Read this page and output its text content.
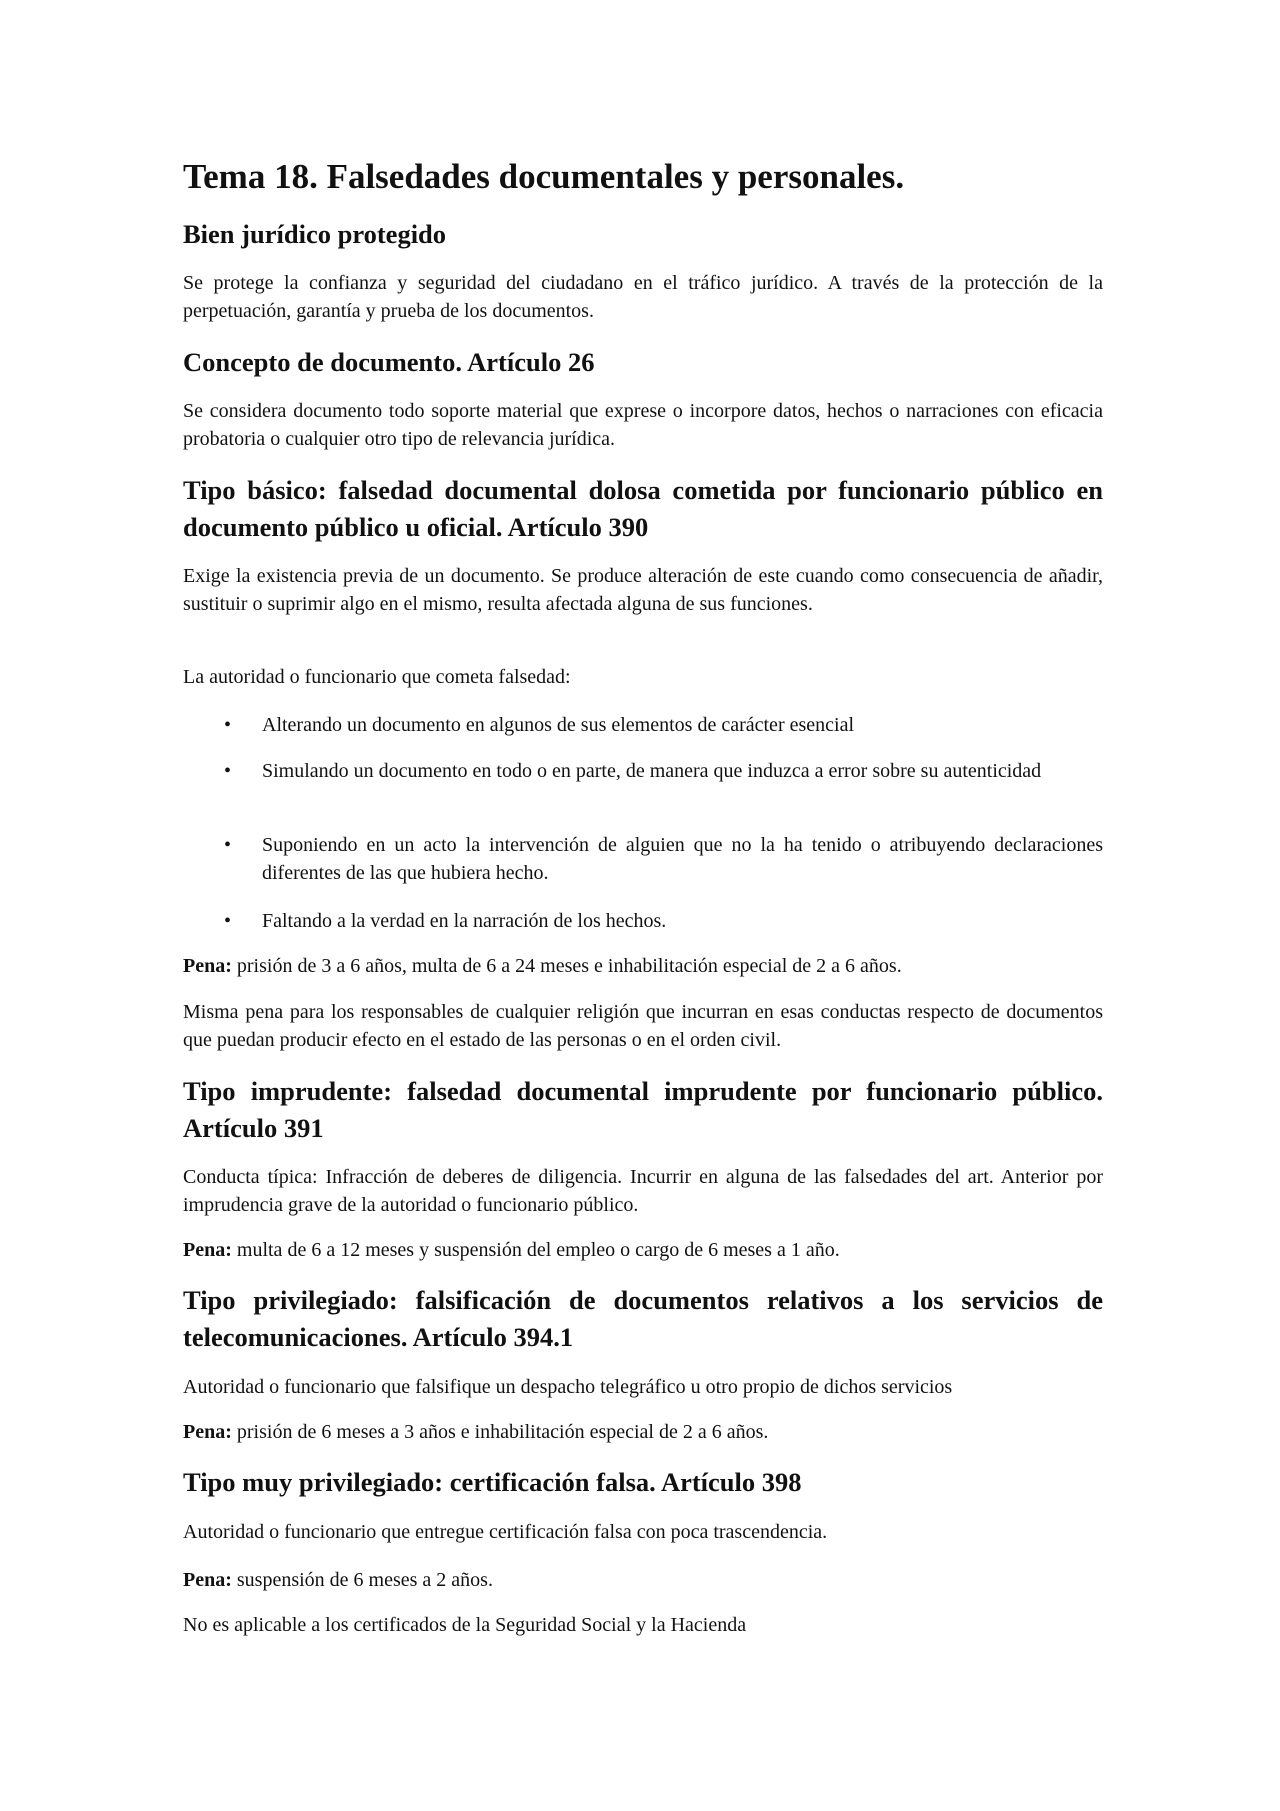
Tema 18. Falsedades documentales y personales.
Bien jurídico protegido
Se protege la confianza y seguridad del ciudadano en el tráfico jurídico. A través de la protección de la perpetuación, garantía y prueba de los documentos.
Concepto de documento. Artículo 26
Se considera documento todo soporte material que exprese o incorpore datos, hechos o narraciones con eficacia probatoria o cualquier otro tipo de relevancia jurídica.
Tipo básico: falsedad documental dolosa cometida por funcionario público en documento público u oficial. Artículo 390
Exige la existencia previa de un documento. Se produce alteración de este cuando como consecuencia de añadir, sustituir o suprimir algo en el mismo, resulta afectada alguna de sus funciones.
La autoridad o funcionario que cometa falsedad:
• Alterando un documento en algunos de sus elementos de carácter esencial
• Simulando un documento en todo o en parte, de manera que induzca a error sobre su autenticidad
• Suponiendo en un acto la intervención de alguien que no la ha tenido o atribuyendo declaraciones diferentes de las que hubiera hecho.
• Faltando a la verdad en la narración de los hechos.
Pena: prisión de 3 a 6 años, multa de 6 a 24 meses e inhabilitación especial de 2 a 6 años.
Misma pena para los responsables de cualquier religión que incurran en esas conductas respecto de documentos que puedan producir efecto en el estado de las personas o en el orden civil.
Tipo imprudente: falsedad documental imprudente por funcionario público. Artículo 391
Conducta típica: Infracción de deberes de diligencia. Incurrir en alguna de las falsedades del art. Anterior por imprudencia grave de la autoridad o funcionario público.
Pena: multa de 6 a 12 meses y suspensión del empleo o cargo de 6 meses a 1 año.
Tipo privilegiado: falsificación de documentos relativos a los servicios de telecomunicaciones. Artículo 394.1
Autoridad o funcionario que falsifique un despacho telegráfico u otro propio de dichos servicios
Pena: prisión de 6 meses a 3 años e inhabilitación especial de 2 a 6 años.
Tipo muy privilegiado: certificación falsa. Artículo 398
Autoridad o funcionario que entregue certificación falsa con poca trascendencia.
Pena: suspensión de 6 meses a 2 años.
No es aplicable a los certificados de la Seguridad Social y la Hacienda
